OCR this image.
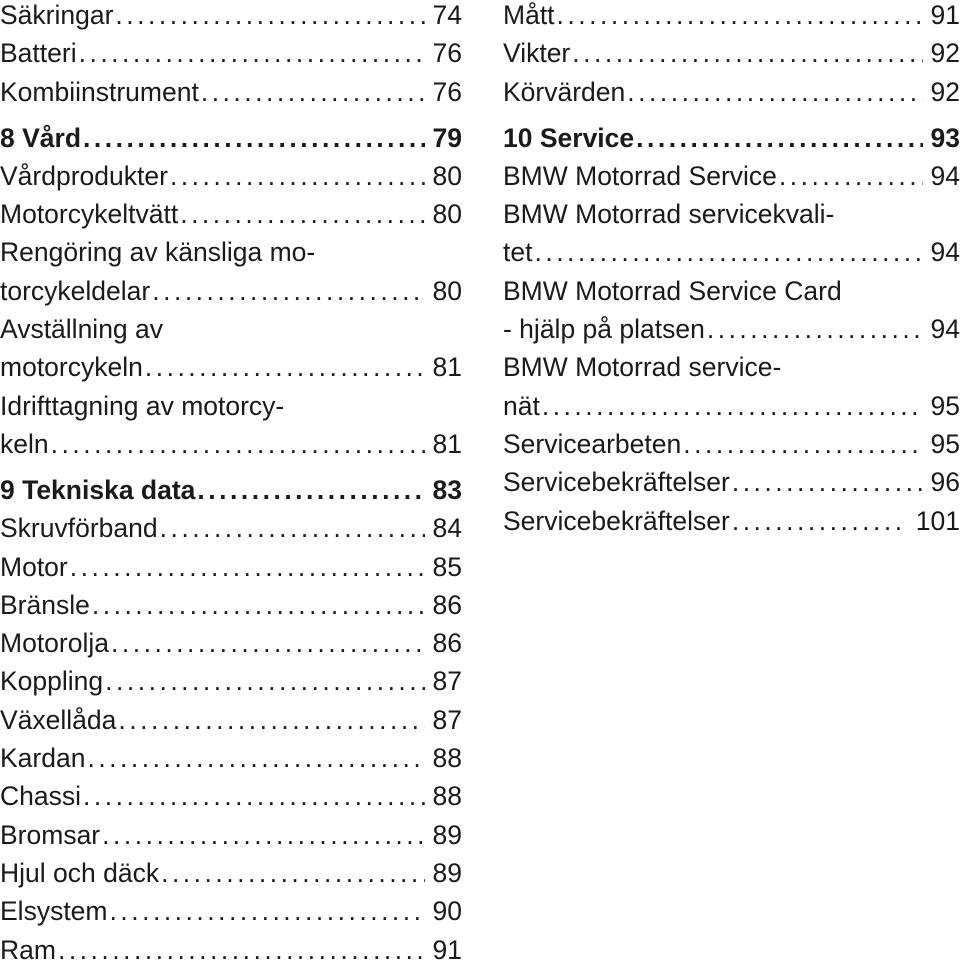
Säkringar .....	74
Batteri .....	76
Kombiinstrument .....	76
8 Vård .....	79
Vårdprodukter .....	80
Motorcykeltvätt .....	80
Rengöring av känsliga mo-
torcykeldelar .....	80
Avställning av
motorcykeln .....	81
Idrifttagning av motorcy-
keln .....	81
9 Tekniska data .....	83
Skruvförband .....	84
Motor .....	85
Bränsle .....	86
Motorolja .....	86
Koppling .....	87
Växellåda .....	87
Kardan .....	88
Chassi .....	88
Bromsar .....	89
Hjul och däck .....	89
Elsystem .....	90
Ram .....	91
Mått .....	91
Vikter .....	92
Körvärden .....	92
10 Service .....	93
BMW Motorrad Service .....	94
BMW Motorrad servicekvali-
tet .....	94
BMW Motorrad Service Card
- hjälp på platsen .....	94
BMW Motorrad service-
nät .....	95
Servicearbeten .....	95
Servicebekräftelser .....	96
Servicebekräftelser .....	101
